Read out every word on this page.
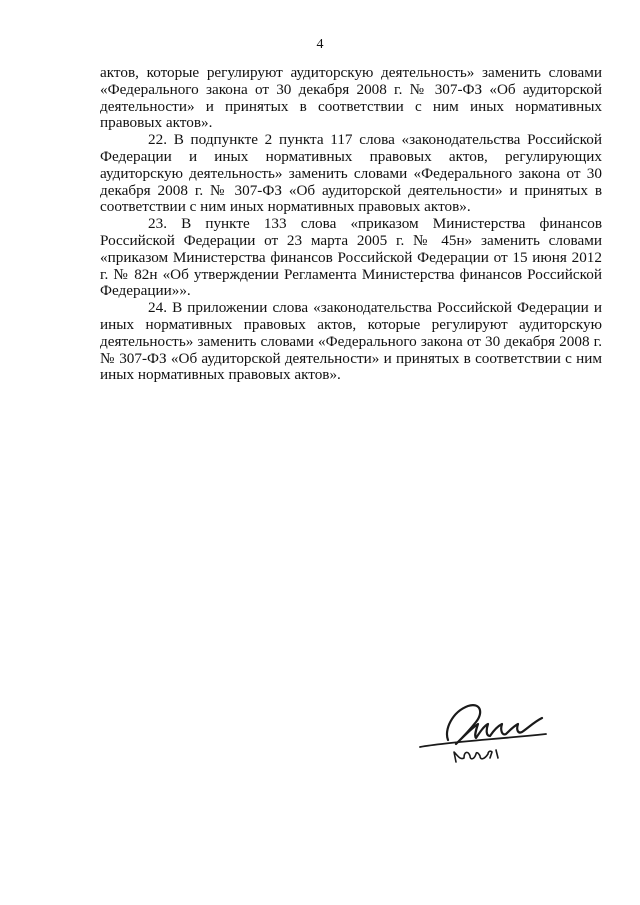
4

актов, которые регулируют аудиторскую деятельность» заменить словами «Федерального закона от 30 декабря 2008 г. № 307-ФЗ «Об аудиторской деятельности» и принятых в соответствии с ним иных нормативных правовых актов».

22. В подпункте 2 пункта 117 слова «законодательства Российской Федерации и иных нормативных правовых актов, регулирующих аудиторскую деятельность» заменить словами «Федерального закона от 30 декабря 2008 г. № 307-ФЗ «Об аудиторской деятельности» и принятых в соответствии с ним иных нормативных правовых актов».

23. В пункте 133 слова «приказом Министерства финансов Российской Федерации от 23 марта 2005 г. № 45н» заменить словами «приказом Министерства финансов Российской Федерации от 15 июня 2012 г. № 82н «Об утверждении Регламента Министерства финансов Российской Федерации»».

24. В приложении слова «законодательства Российской Федерации и иных нормативных правовых актов, которые регулируют аудиторскую деятельность» заменить словами «Федерального закона от 30 декабря 2008 г. № 307-ФЗ «Об аудиторской деятельности» и принятых в соответствии с ним иных нормативных правовых актов».
